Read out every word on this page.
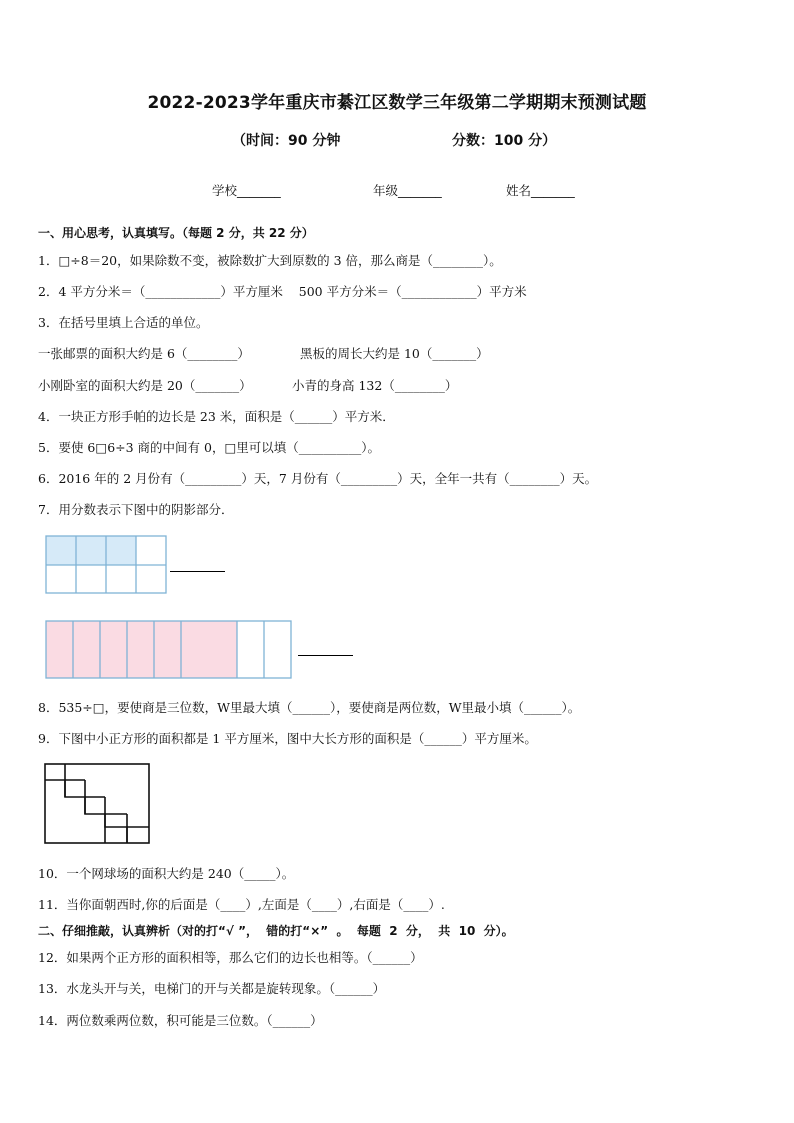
2022-2023学年重庆市綦江区数学三年级第二学期期末预测试题
（时间：90 分钟	分数：100 分）
学校_______	年级_______	姓名_______
一、用心思考，认真填写。（每题 2 分，共 22 分）
1．□÷8＝20，如果除数不变，被除数扩大到原数的 3 倍，那么商是（________）。
2．4 平方分米＝（____________）平方厘米    500 平方分米＝（____________）平方米
3．在括号里填上合适的单位。
一张邮票的面积大约是 6（________）	黑板的周长大约是 10（_______）
小刚卧室的面积大约是 20（_______）	小青的身高 132（________）
4．一块正方形手帕的边长是 23 米，面积是（______）平方米．
5．要使 6□6÷3 商的中间有 0，□里可以填（__________）。
6．2016 年的 2 月份有（_________）天，7 月份有（_________）天，全年一共有（________）天。
7．用分数表示下图中的阴影部分．
8．535÷□，要使商是三位数，W里最大填（______），要使商是两位数，W里最小填（______）。
9．下图中小正方形的面积都是 1 平方厘米，图中大长方形的面积是（______）平方厘米。
10．一个网球场的面积大约是 240（_____）。
11．当你面朝西时,你的后面是（____）,左面是（____）,右面是（____）.
二、仔细推敲，认真辨析（对的打“√ ”，  错的打“×”  。  每题  2  分，  共  10  分）。
12．如果两个正方形的面积相等，那么它们的边长也相等。（______）
13．水龙头开与关，电梯门的开与关都是旋转现象。（______）
14．两位数乘两位数，积可能是三位数。（______）
